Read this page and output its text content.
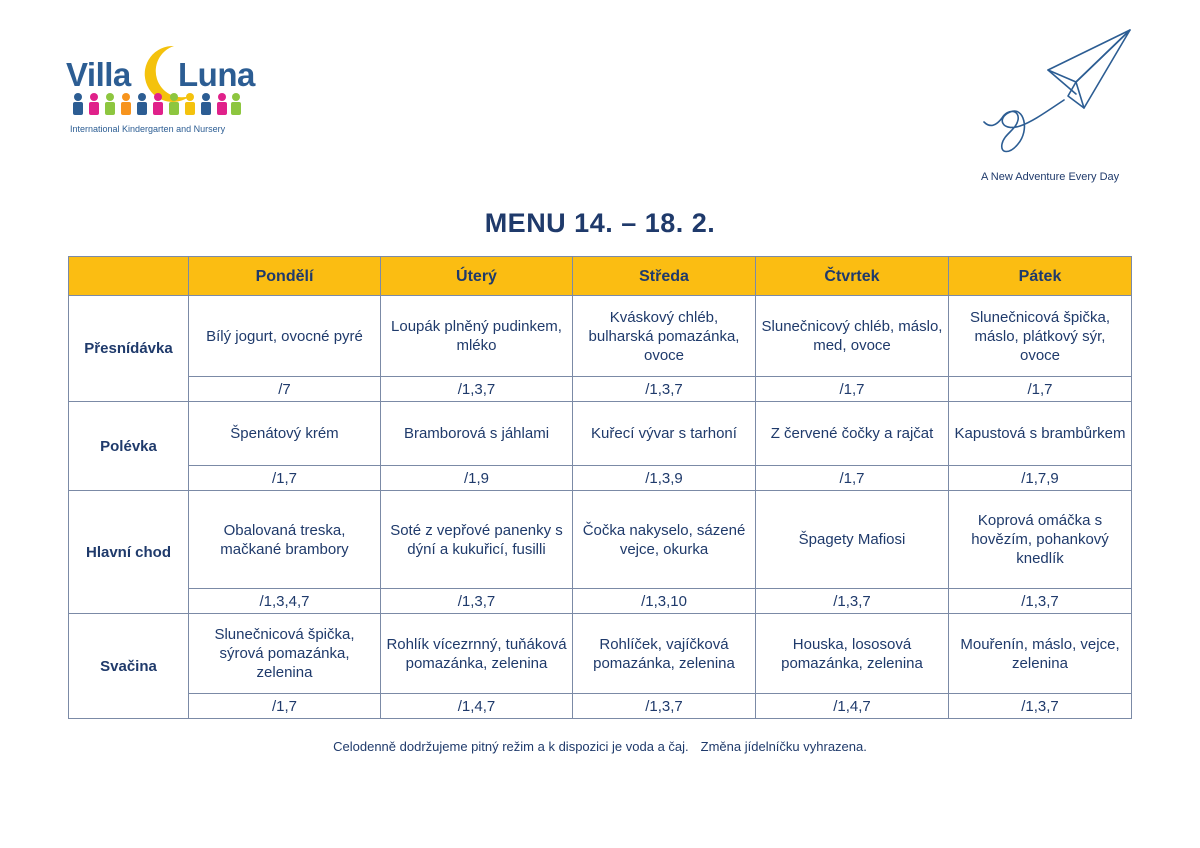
Villa Luna
International Kindergarten and Nursery
A New Adventure Every Day
MENU 14. – 18. 2.
	Pondělí	Úterý	Středa	Čtvrtek	Pátek
Přesnídávka	Bílý jogurt, ovocné pyré	Loupák plněný pudinkem, mléko	Kváskový chléb, bulharská pomazánka, ovoce	Slunečnicový chléb, máslo, med, ovoce	Slunečnicová špička, máslo, plátkový sýr, ovoce
	/7	/1,3,7	/1,3,7	/1,7	/1,7
Polévka	Špenátový krém	Bramborová s jáhlami	Kuřecí vývar s tarhoní	Z červené čočky a rajčat	Kapustová s brambůrkem
	/1,7	/1,9	/1,3,9	/1,7	/1,7,9
Hlavní chod	Obalovaná treska, mačkané brambory	Soté z vepřové panenky s dýní a kukuřicí, fusilli	Čočka nakyselo, sázené vejce, okurka	Špagety Mafiosi	Koprová omáčka s hovězím, pohankový knedlík
	/1,3,4,7	/1,3,7	/1,3,10	/1,3,7	/1,3,7
Svačina	Slunečnicová špička, sýrová pomazánka, zelenina	Rohlík vícezrnný, tuňáková pomazánka, zelenina	Rohlíček, vajíčková pomazánka, zelenina	Houska, lososová pomazánka, zelenina	Mouřenín, máslo, vejce, zelenina
	/1,7	/1,4,7	/1,3,7	/1,4,7	/1,3,7
Celodenně dodržujeme pitný režim a k dispozici je voda a čaj. Změna jídelníčku vyhrazena.
